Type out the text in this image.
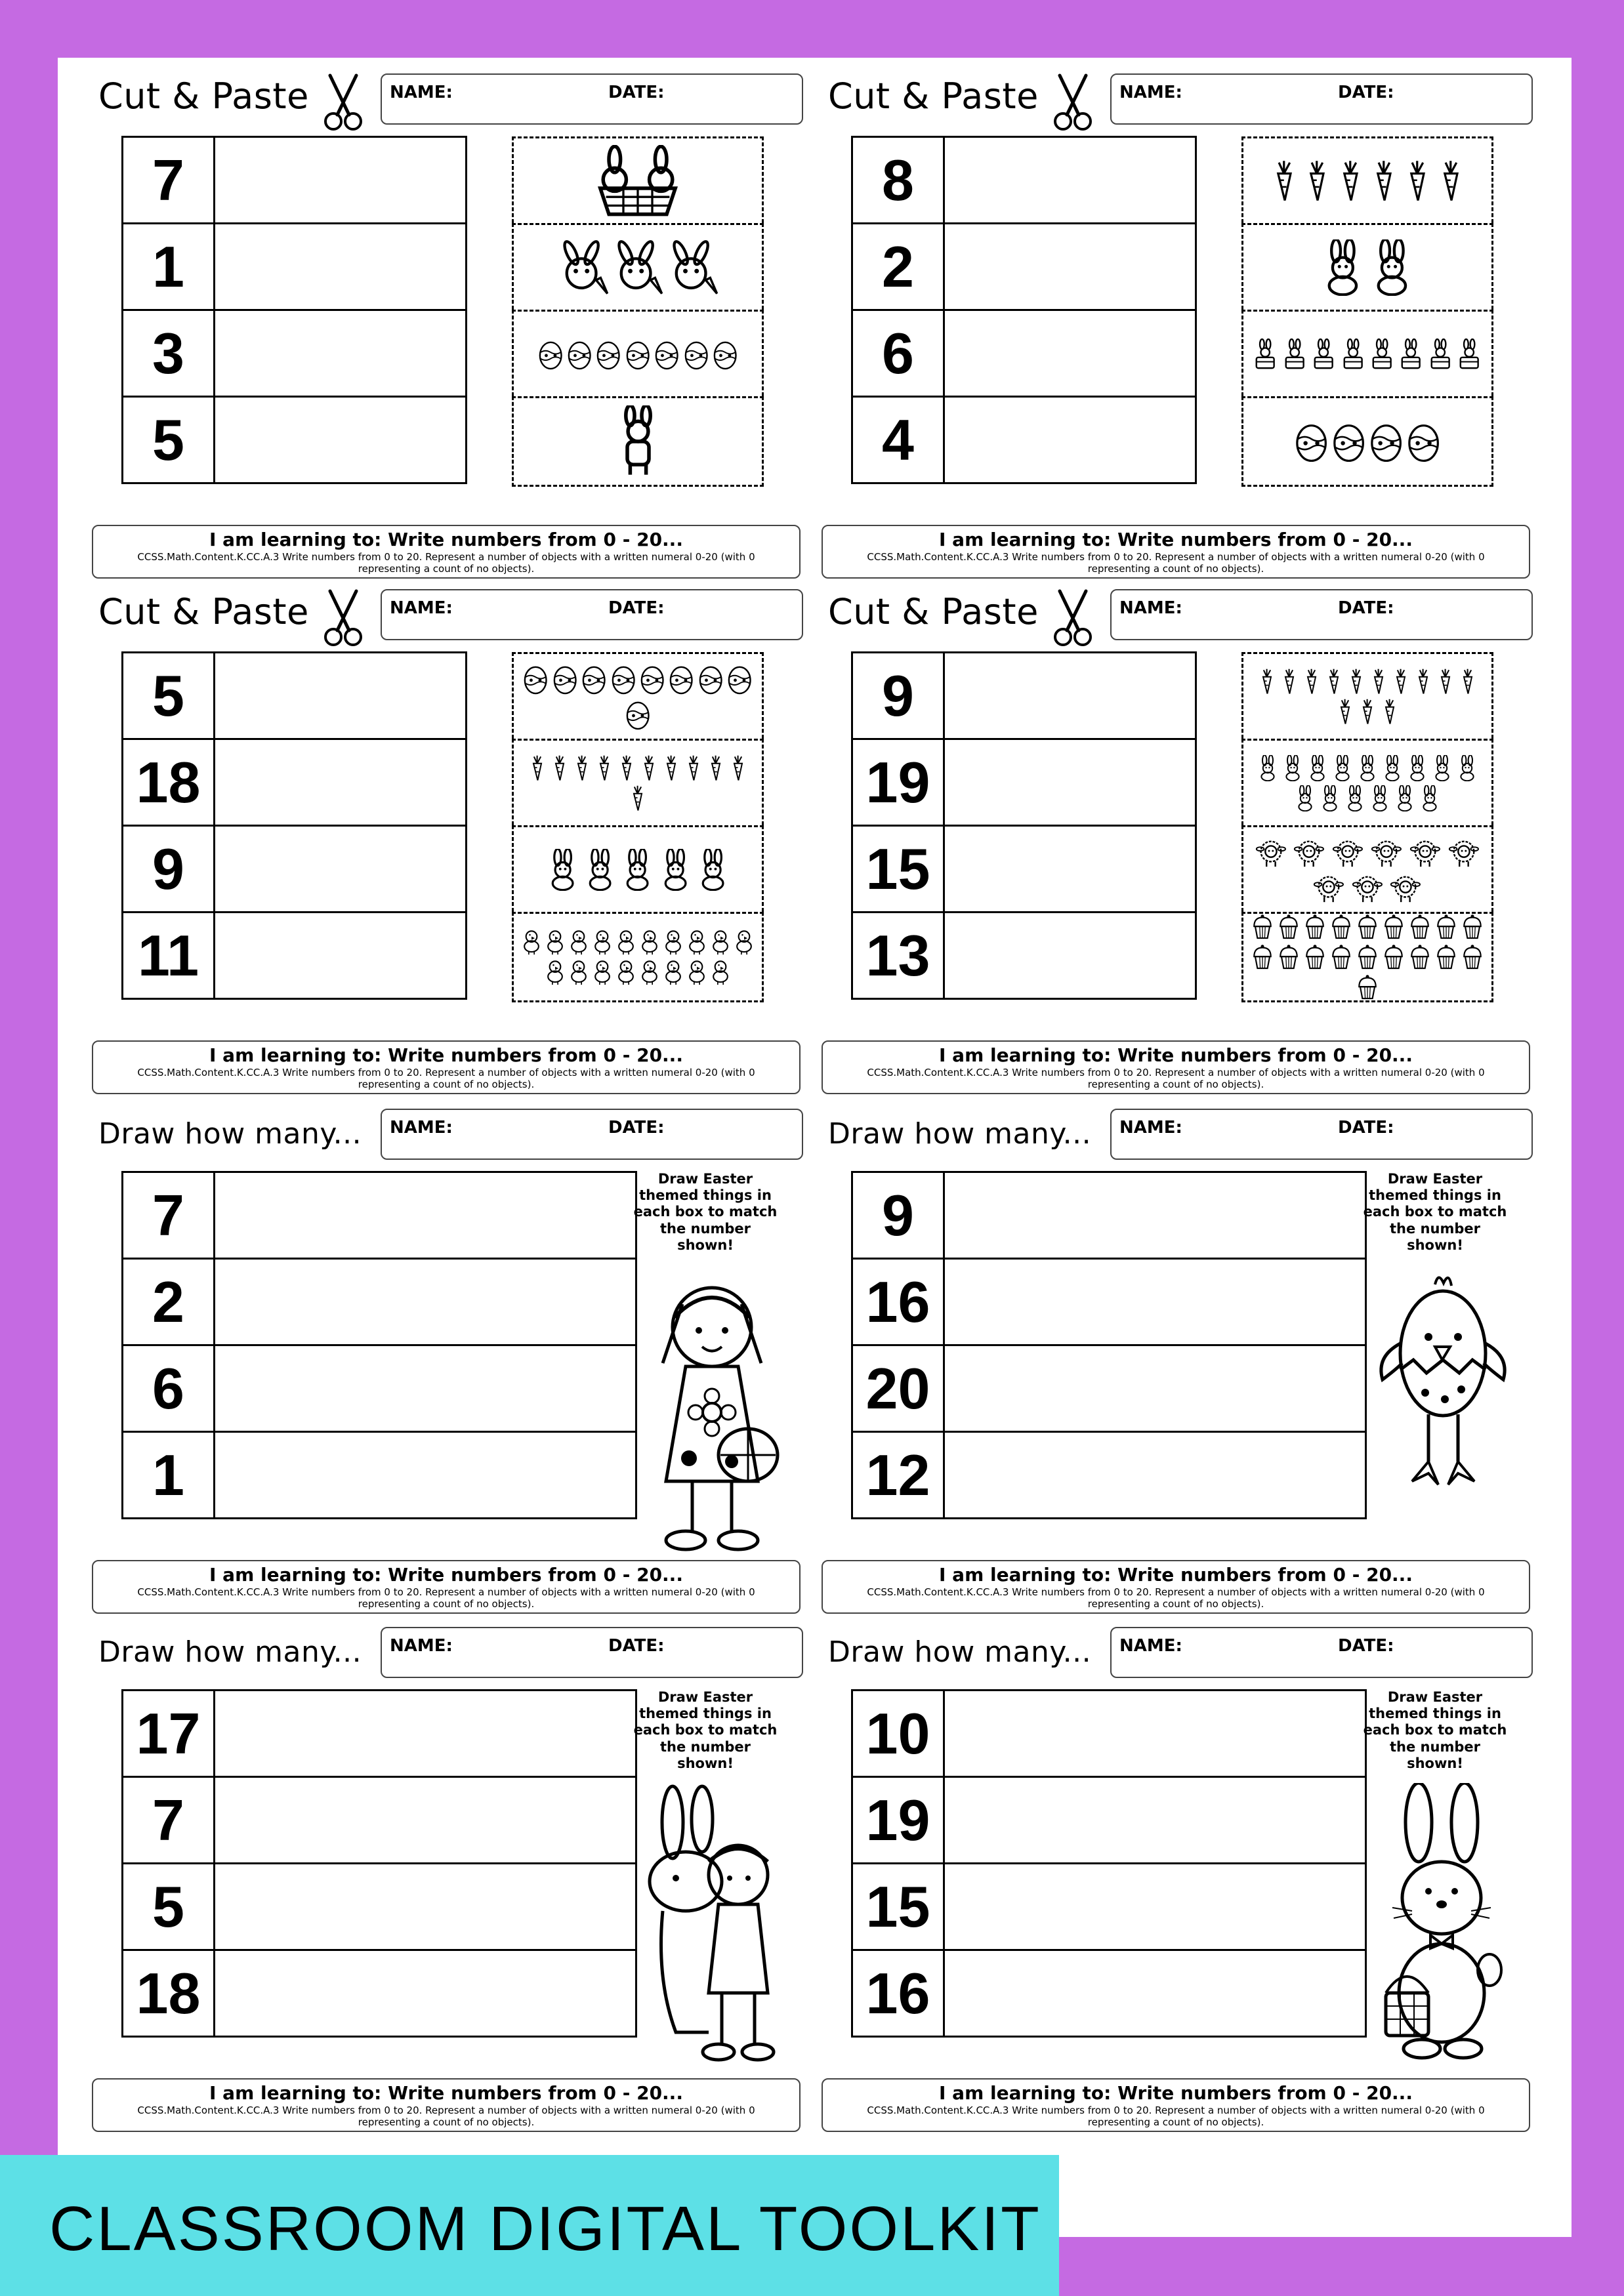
Cut & Paste	NAME:	DATE:
7	
1	
3	
5	
I am learning to: Write numbers from 0 - 20...
CCSS.Math.Content.K.CC.A.3 Write numbers from 0 to 20. Represent a number of objects with a written numeral 0-20 (with 0 representing a count of no objects).
Cut & Paste	NAME:	DATE:
8	
2	
6	
4	
I am learning to: Write numbers from 0 - 20...
CCSS.Math.Content.K.CC.A.3 Write numbers from 0 to 20. Represent a number of objects with a written numeral 0-20 (with 0 representing a count of no objects).
Cut & Paste	NAME:	DATE:
5	
18	
9	
11	
I am learning to: Write numbers from 0 - 20...
CCSS.Math.Content.K.CC.A.3 Write numbers from 0 to 20. Represent a number of objects with a written numeral 0-20 (with 0 representing a count of no objects).
Cut & Paste	NAME:	DATE:
9	
19	
15	
13	
I am learning to: Write numbers from 0 - 20...
CCSS.Math.Content.K.CC.A.3 Write numbers from 0 to 20. Represent a number of objects with a written numeral 0-20 (with 0 representing a count of no objects).
Draw how many... NAME:	DATE:
7	
2	
6	
1	
Draw Easter themed things in each box to match the number shown!
I am learning to: Write numbers from 0 - 20...
CCSS.Math.Content.K.CC.A.3 Write numbers from 0 to 20. Represent a number of objects with a written numeral 0-20 (with 0 representing a count of no objects).
Draw how many... NAME:	DATE:
9	
16	
20	
12	
Draw Easter themed things in each box to match the number shown!
I am learning to: Write numbers from 0 - 20...
CCSS.Math.Content.K.CC.A.3 Write numbers from 0 to 20. Represent a number of objects with a written numeral 0-20 (with 0 representing a count of no objects).
Draw how many... NAME:	DATE:
17	
7	
5	
18	
Draw Easter themed things in each box to match the number shown!
I am learning to: Write numbers from 0 - 20...
CCSS.Math.Content.K.CC.A.3 Write numbers from 0 to 20. Represent a number of objects with a written numeral 0-20 (with 0 representing a count of no objects).
Draw how many... NAME:	DATE:
10	
19	
15	
16	
Draw Easter themed things in each box to match the number shown!
I am learning to: Write numbers from 0 - 20...
CCSS.Math.Content.K.CC.A.3 Write numbers from 0 to 20. Represent a number of objects with a written numeral 0-20 (with 0 representing a count of no objects).
CLASSROOM DIGITAL TOOLKIT
